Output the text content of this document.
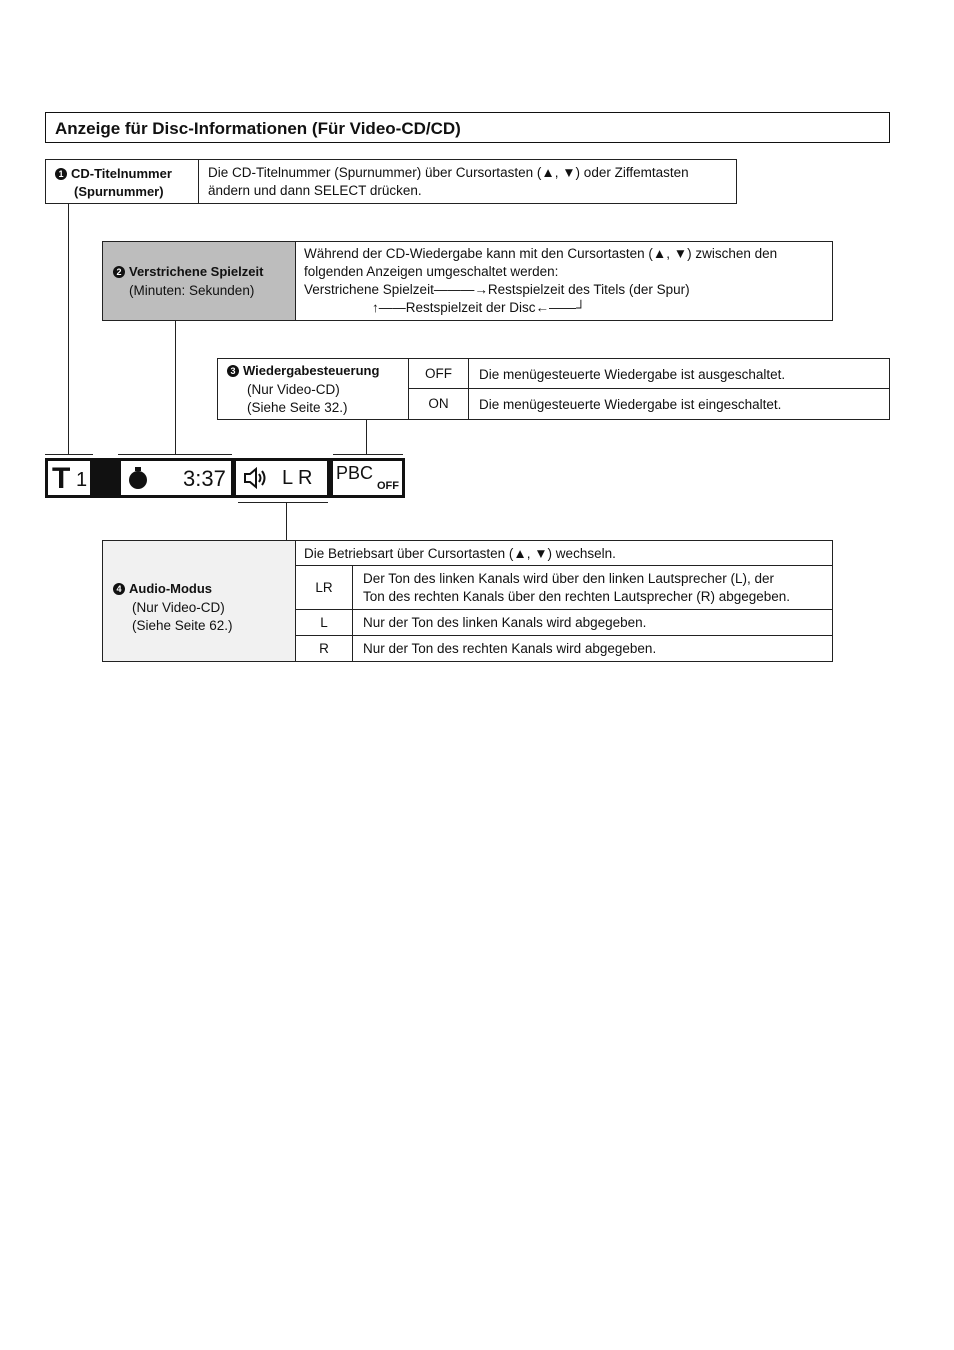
Anzeige für Disc-Informationen (Für Video-CD/CD)
1 CD-Titelnummer
(Spurnummer)
Die CD-Titelnummer (Spurnummer) über Cursortasten (▲, ▼) oder Ziffemtasten
ändern und dann SELECT drücken.
2 Verstrichene Spielzeit
(Minuten: Sekunden)
Während der CD-Wiedergabe kann mit den Cursortasten (▲, ▼) zwischen den
folgenden Anzeigen umgeschaltet werden:
Verstrichene Spielzeit———→Restspielzeit des Titels (der Spur)
↑——Restspielzeit der Disc←——┘
3 Wiedergabesteuerung
(Nur Video-CD)
(Siehe Seite 32.)
OFF	Die menügesteuerte Wiedergabe ist ausgeschaltet.
ON	Die menügesteuerte Wiedergabe ist eingeschaltet.
T 1	3:37	L R PBC
OFF
4 Audio-Modus
(Nur Video-CD)
(Siehe Seite 62.)
Die Betriebsart über Cursortasten (▲, ▼) wechseln.
LR
Der Ton des linken Kanals wird über den linken Lautsprecher (L), der
Ton des rechten Kanals über den rechten Lautsprecher (R) abgegeben.
L	Nur der Ton des linken Kanals wird abgegeben.
R	Nur der Ton des rechten Kanals wird abgegeben.
